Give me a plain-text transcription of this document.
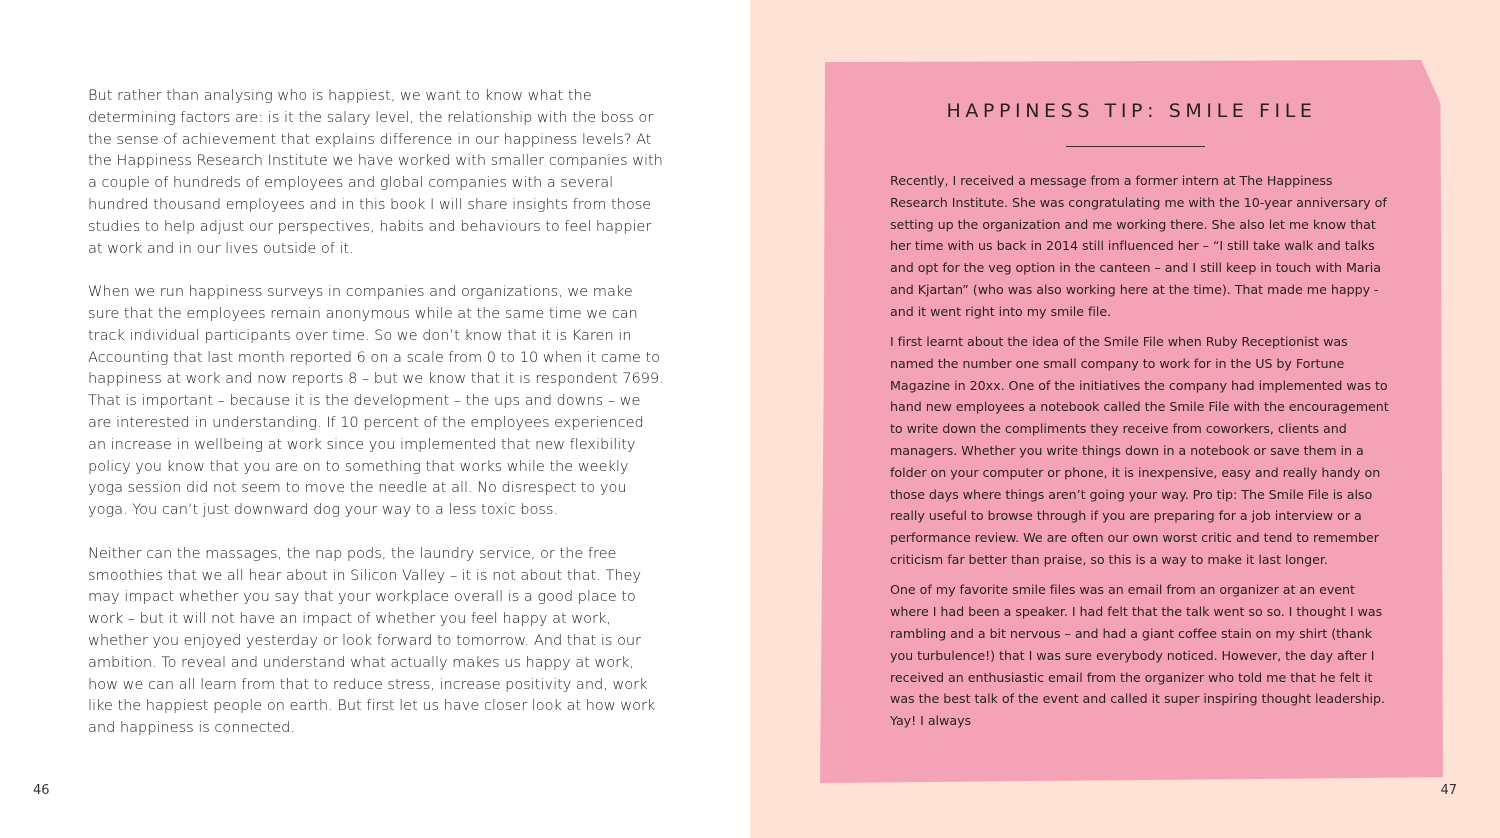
But rather than analysing who is happiest, we want to know what the determining factors are: is it the salary level, the relationship with the boss or the sense of achievement that explains difference in our happiness levels? At the Happiness Research Institute we have worked with smaller companies with a couple of hundreds of employees and global companies with a several hundred thousand employees and in this book I will share insights from those studies to help adjust our perspectives, habits and behaviours to feel happier at work and in our lives outside of it.

When we run happiness surveys in companies and organizations, we make sure that the employees remain anonymous while at the same time we can track individual participants over time. So we don’t know that it is Karen in Accounting that last month reported 6 on a scale from 0 to 10 when it came to happiness at work and now reports 8 – but we know that it is respondent 7699. That is important – because it is the development – the ups and downs – we are interested in understanding. If 10 percent of the employees experienced an increase in wellbeing at work since you implemented that new flexibility policy you know that you are on to something that works while the weekly yoga session did not seem to move the needle at all. No disrespect to you yoga. You can’t just downward dog your way to a less toxic boss.

Neither can the massages, the nap pods, the laundry service, or the free smoothies that we all hear about in Silicon Valley – it is not about that. They may impact whether you say that your workplace overall is a good place to work – but it will not have an impact of whether you feel happy at work, whether you enjoyed yesterday or look forward to tomorrow. And that is our ambition. To reveal and understand what actually makes us happy at work, how we can all learn from that to reduce stress, increase positivity and, work like the happiest people on earth. But first let us have closer look at how work and happiness is connected.

46
HAPPINESS TIP: SMILE FILE

Recently, I received a message from a former intern at The Happiness Research Institute. She was congratulating me with the 10-year anniversary of setting up the organization and me working there. She also let me know that her time with us back in 2014 still influenced her – “I still take walk and talks and opt for the veg option in the canteen – and I still keep in touch with Maria and Kjartan” (who was also working here at the time). That made me happy - and it went right into my smile file.

I first learnt about the idea of the Smile File when Ruby Receptionist was named the number one small company to work for in the US by Fortune Magazine in 20xx. One of the initiatives the company had implemented was to hand new employees a notebook called the Smile File with the encouragement to write down the compliments they receive from coworkers, clients and managers. Whether you write things down in a notebook or save them in a folder on your computer or phone, it is inexpensive, easy and really handy on those days where things aren’t going your way. Pro tip: The Smile File is also really useful to browse through if you are preparing for a job interview or a performance review. We are often our own worst critic and tend to remember criticism far better than praise, so this is a way to make it last longer.

One of my favorite smile files was an email from an organizer at an event where I had been a speaker. I had felt that the talk went so so. I thought I was rambling and a bit nervous – and had a giant coffee stain on my shirt (thank you turbulence!) that I was sure everybody noticed. However, the day after I received an enthusiastic email from the organizer who told me that he felt it was the best talk of the event and called it super inspiring thought leadership. Yay! I always

47
